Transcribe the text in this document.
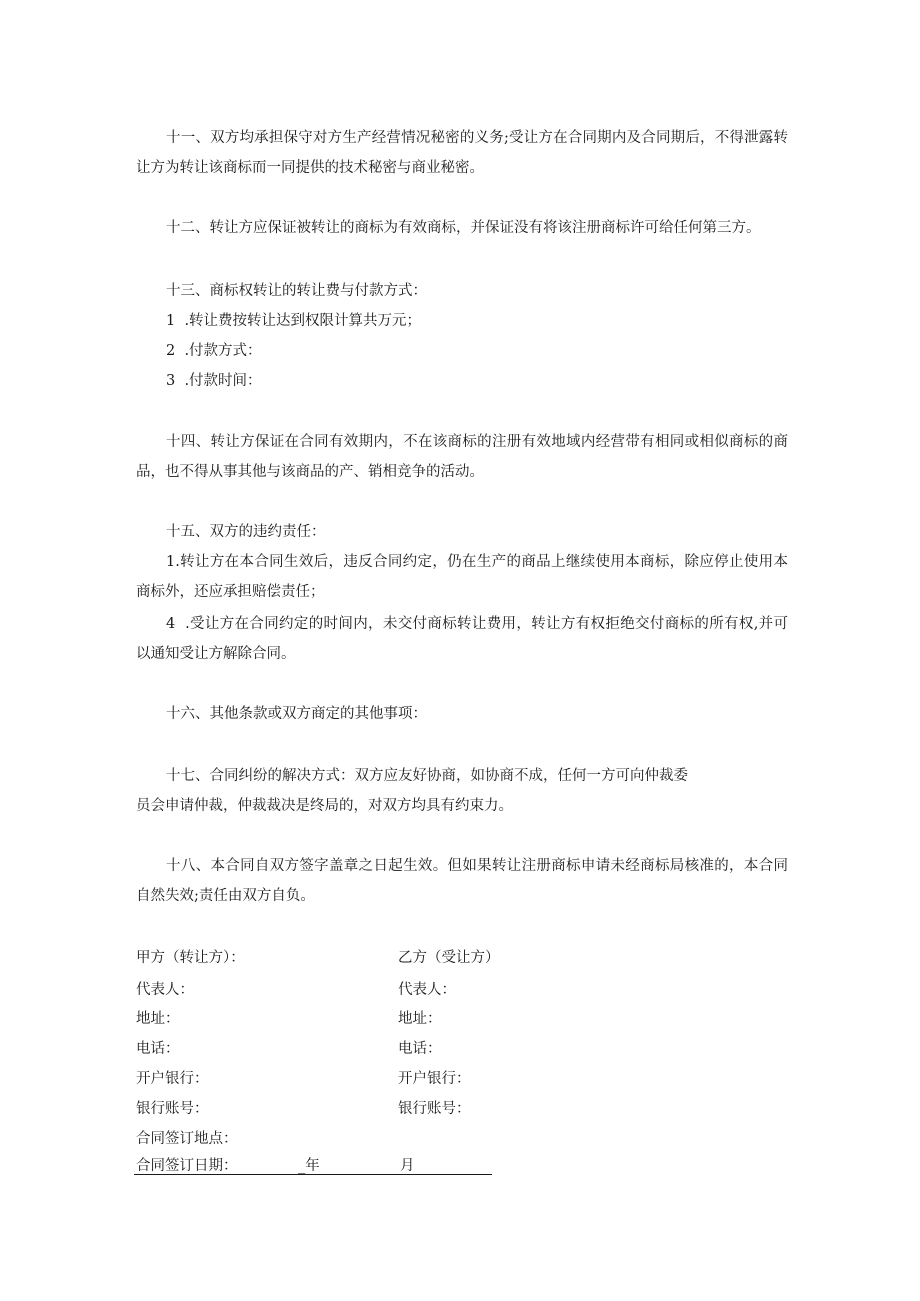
十一、双方均承担保守对方生产经营情况秘密的义务;受让方在合同期内及合同期后，不得泄露转
让方为转让该商标而一同提供的技术秘密与商业秘密。
十二、转让方应保证被转让的商标为有效商标，并保证没有将该注册商标许可给任何第三方。
十三、商标权转让的转让费与付款方式：
1  .转让费按转让达到权限计算共万元；
2  .付款方式：
3  .付款时间：
十四、转让方保证在合同有效期内，不在该商标的注册有效地域内经营带有相同或相似商标的商
品，也不得从事其他与该商品的产、销相竞争的活动。
十五、双方的违约责任：
1.转让方在本合同生效后，违反合同约定，仍在生产的商品上继续使用本商标，除应停止使用本
商标外，还应承担赔偿责任；
4  .受让方在合同约定的时间内，未交付商标转让费用，转让方有权拒绝交付商标的所有权,并可
以通知受让方解除合同。
十六、其他条款或双方商定的其他事项：
十七、合同纠纷的解决方式：双方应友好协商，如协商不成，任何一方可向仲裁委
员会申请仲裁，仲裁裁决是终局的，对双方均具有约束力。
十八、本合同自双方签字盖章之日起生效。但如果转让注册商标申请未经商标局核准的，本合同
自然失效;责任由双方自负。
甲方（转让方）：	乙方（受让方）
代表人：	代表人：
地址：	地址：
电话：	电话：
开户银行：	开户银行：
银行账号：	银行账号：
合同签订地点：
合同签订日期：	_年	月
